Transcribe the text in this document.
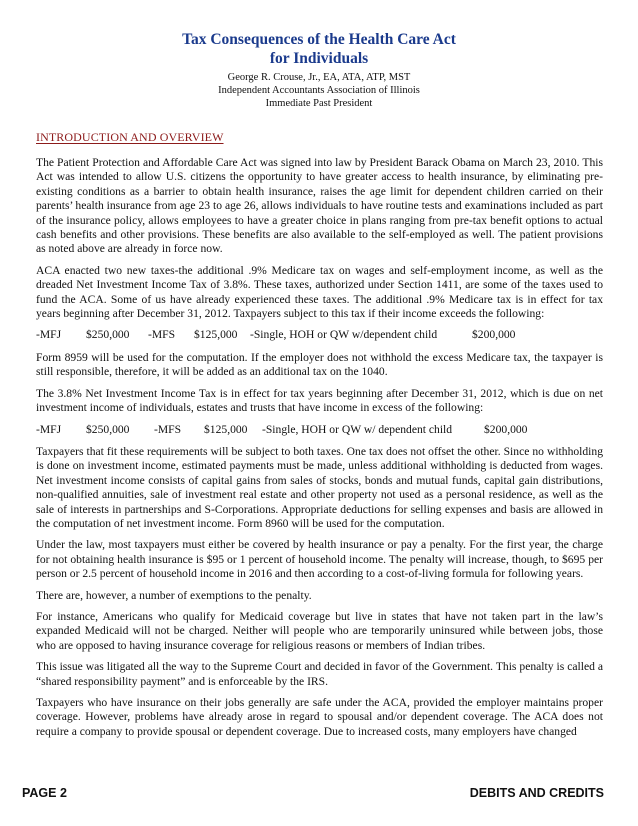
Tax Consequences of the Health Care Act
for Individuals
George R. Crouse, Jr., EA, ATA, ATP, MST
Independent Accountants Association of Illinois
Immediate Past President
INTRODUCTION AND OVERVIEW

The Patient Protection and Affordable Care Act was signed into law by President Barack Obama on March 23, 2010. This Act was intended to allow U.S. citizens the opportunity to have greater access to health insurance, by eliminating pre-existing conditions as a barrier to obtain health insurance, raises the age limit for dependent children carried on their parents’ health insurance from age 23 to age 26, allows individuals to have routine tests and examinations included as part of the insurance policy, allows employees to have a greater choice in plans ranging from pre-tax benefit options to actual cash benefits and other provisions. These benefits are also available to the self-employed as well. The patient provisions as noted above are already in force now.

ACA enacted two new taxes-the additional .9% Medicare tax on wages and self-employment income, as well as the dreaded Net Investment Income Tax of 3.8%. These taxes, authorized under Section 1411, are some of the taxes used to fund the ACA. Some of us have already experienced these taxes. The additional .9% Medicare tax is in effect for tax years beginning after December 31, 2012. Taxpayers subject to this tax if their income exceeds the following:

-MFJ	$250,000	-MFS	$125,000	-Single, HOH or QW w/dependent child	$200,000

Form 8959 will be used for the computation. If the employer does not withhold the excess Medicare tax, the taxpayer is still responsible, therefore, it will be added as an additional tax on the 1040.

The 3.8% Net Investment Income Tax is in effect for tax years beginning after December 31, 2012, which is due on net investment income of individuals, estates and trusts that have income in excess of the following:

-MFJ	$250,000	-MFS	$125,000	-Single, HOH or QW w/ dependent child	$200,000

Taxpayers that fit these requirements will be subject to both taxes. One tax does not offset the other. Since no withholding is done on investment income, estimated payments must be made, unless additional withholding is deducted from wages. Net investment income consists of capital gains from sales of stocks, bonds and mutual funds, capital gain distributions, non-qualified annuities, sale of investment real estate and other property not used as a personal residence, as well as the sale of interests in partnerships and S-Corporations. Appropriate deductions for selling expenses and basis are allowed in the computation of net investment income. Form 8960 will be used for the computation.

Under the law, most taxpayers must either be covered by health insurance or pay a penalty. For the first year, the charge for not obtaining health insurance is $95 or 1 percent of household income. The penalty will increase, though, to $695 per person or 2.5 percent of household income in 2016 and then according to a cost-of-living formula for following years.

There are, however, a number of exemptions to the penalty.

For instance, Americans who qualify for Medicaid coverage but live in states that have not taken part in the law’s expanded Medicaid will not be charged. Neither will people who are temporarily uninsured while between jobs, those who are opposed to having insurance coverage for religious reasons or members of Indian tribes.

This issue was litigated all the way to the Supreme Court and decided in favor of the Government. This penalty is called a “shared responsibility payment” and is enforceable by the IRS.

Taxpayers who have insurance on their jobs generally are safe under the ACA, provided the employer maintains proper coverage. However, problems have already arose in regard to spousal and/or dependent coverage. The ACA does not require a company to provide spousal or dependent coverage. Due to increased costs, many employers have changed

PAGE 2	DEBITS AND CREDITS
